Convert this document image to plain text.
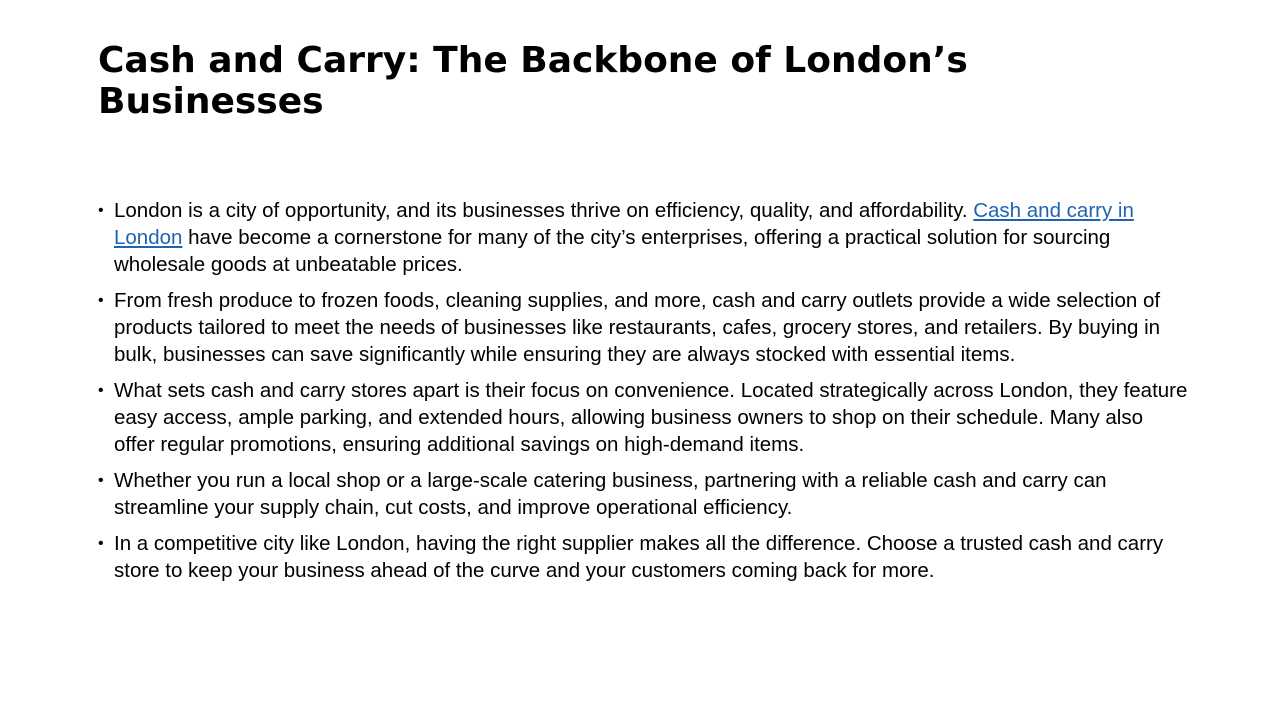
Cash and Carry: The Backbone of London’s Businesses
• London is a city of opportunity, and its businesses thrive on efficiency, quality, and affordability. Cash and carry in London have become a cornerstone for many of the city’s enterprises, offering a practical solution for sourcing wholesale goods at unbeatable prices.
• From fresh produce to frozen foods, cleaning supplies, and more, cash and carry outlets provide a wide selection of products tailored to meet the needs of businesses like restaurants, cafes, grocery stores, and retailers. By buying in bulk, businesses can save significantly while ensuring they are always stocked with essential items.
• What sets cash and carry stores apart is their focus on convenience. Located strategically across London, they feature easy access, ample parking, and extended hours, allowing business owners to shop on their schedule. Many also offer regular promotions, ensuring additional savings on high-demand items.
• Whether you run a local shop or a large-scale catering business, partnering with a reliable cash and carry can streamline your supply chain, cut costs, and improve operational efficiency.
• In a competitive city like London, having the right supplier makes all the difference. Choose a trusted cash and carry store to keep your business ahead of the curve and your customers coming back for more.
